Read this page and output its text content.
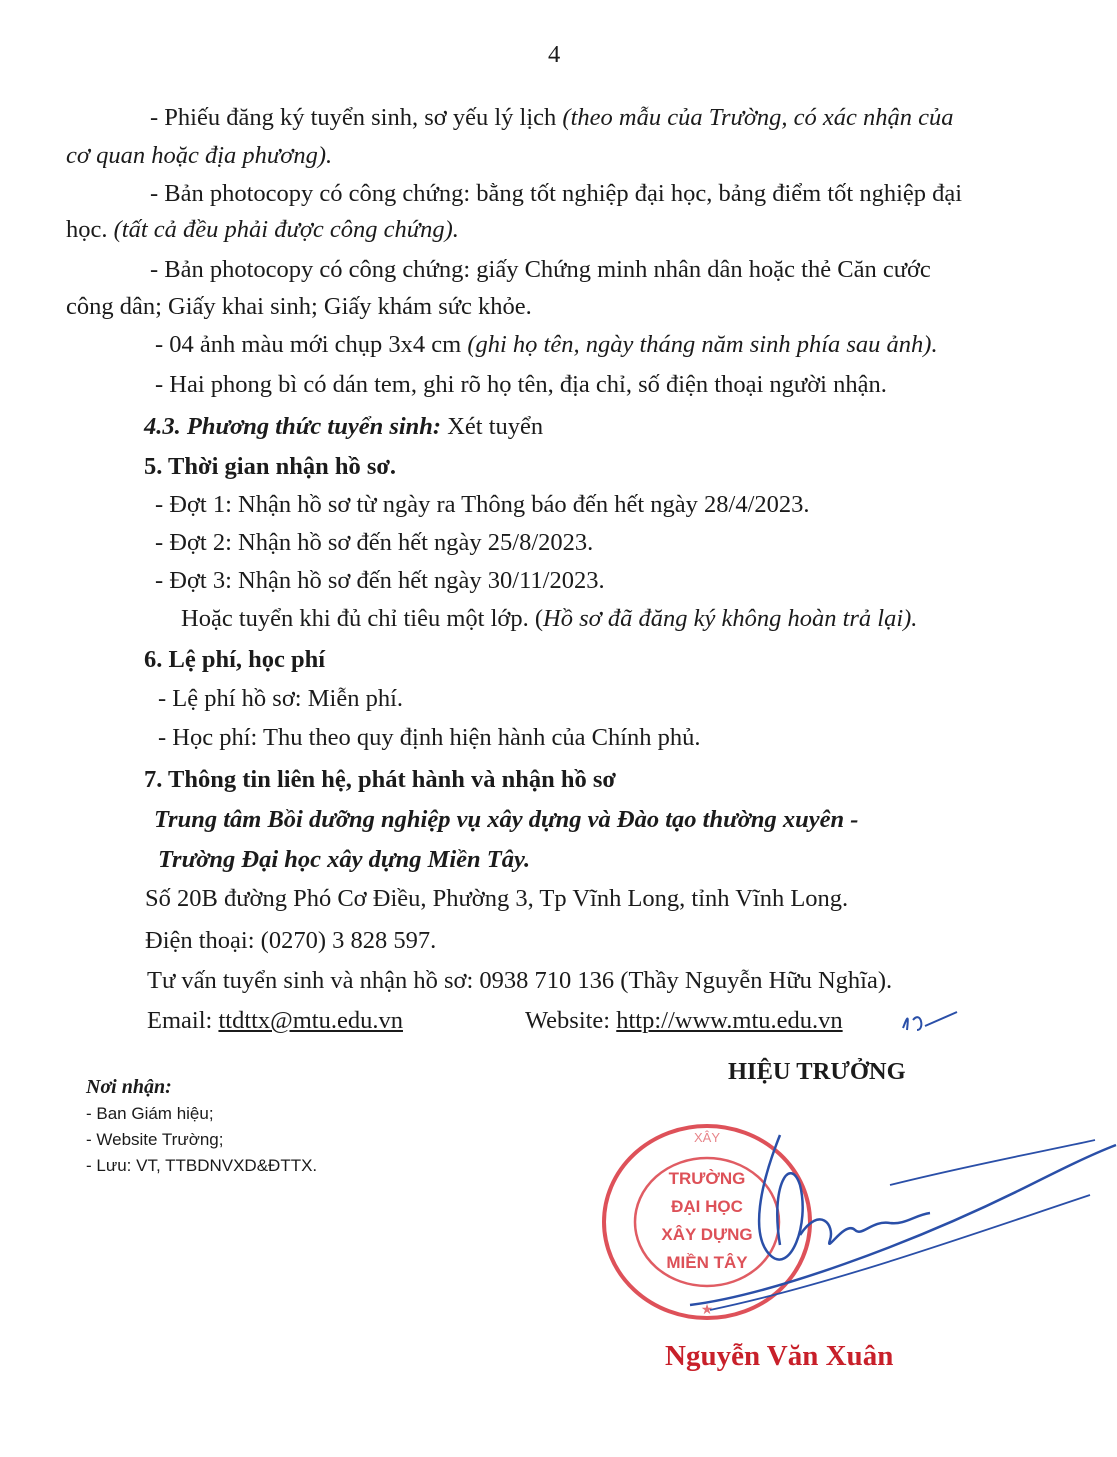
4
- Phiếu đăng ký tuyển sinh, sơ yếu lý lịch (theo mẫu của Trường, có xác nhận của
cơ quan hoặc địa phương).
- Bản photocopy có công chứng: bằng tốt nghiệp đại học, bảng điểm tốt nghiệp đại
học. (tất cả đều phải được công chứng).
- Bản photocopy có công chứng: giấy Chứng minh nhân dân hoặc thẻ Căn cước
công dân; Giấy khai sinh; Giấy khám sức khỏe.
- 04 ảnh màu mới chụp 3x4 cm (ghi họ tên, ngày tháng năm sinh phía sau ảnh).
- Hai phong bì có dán tem, ghi rõ họ tên, địa chỉ, số điện thoại người nhận.
4.3. Phương thức tuyển sinh: Xét tuyển
5. Thời gian nhận hồ sơ.
- Đợt 1: Nhận hồ sơ từ ngày ra Thông báo đến hết ngày 28/4/2023.
- Đợt 2: Nhận hồ sơ đến hết ngày 25/8/2023.
- Đợt 3: Nhận hồ sơ đến hết ngày 30/11/2023.
Hoặc tuyển khi đủ chỉ tiêu một lớp. (Hồ sơ đã đăng ký không hoàn trả lại).
6. Lệ phí, học phí
- Lệ phí hồ sơ: Miễn phí.
- Học phí: Thu theo quy định hiện hành của Chính phủ.
7. Thông tin liên hệ, phát hành và nhận hồ sơ
Trung tâm Bồi dưỡng nghiệp vụ xây dựng và Đào tạo thường xuyên -
Trường Đại học xây dựng Miền Tây.
Số 20B đường Phó Cơ Điều, Phường 3, Tp Vĩnh Long, tỉnh Vĩnh Long.
Điện thoại: (0270) 3 828 597.
Tư vấn tuyển sinh và nhận hồ sơ: 0938 710 136 (Thầy Nguyễn Hữu Nghĩa).
Email: ttdttx@mtu.edu.vn	Website: http://www.mtu.edu.vn
Nơi nhận:
- Ban Giám hiệu;
- Website Trường;
- Lưu: VT, TTBDNVXD&ĐTTX.
HIỆU TRƯỞNG
TRƯỜNG
ĐẠI HỌC
XÂY DỰNG
MIỀN TÂY
XÂY
★
Nguyễn Văn Xuân
